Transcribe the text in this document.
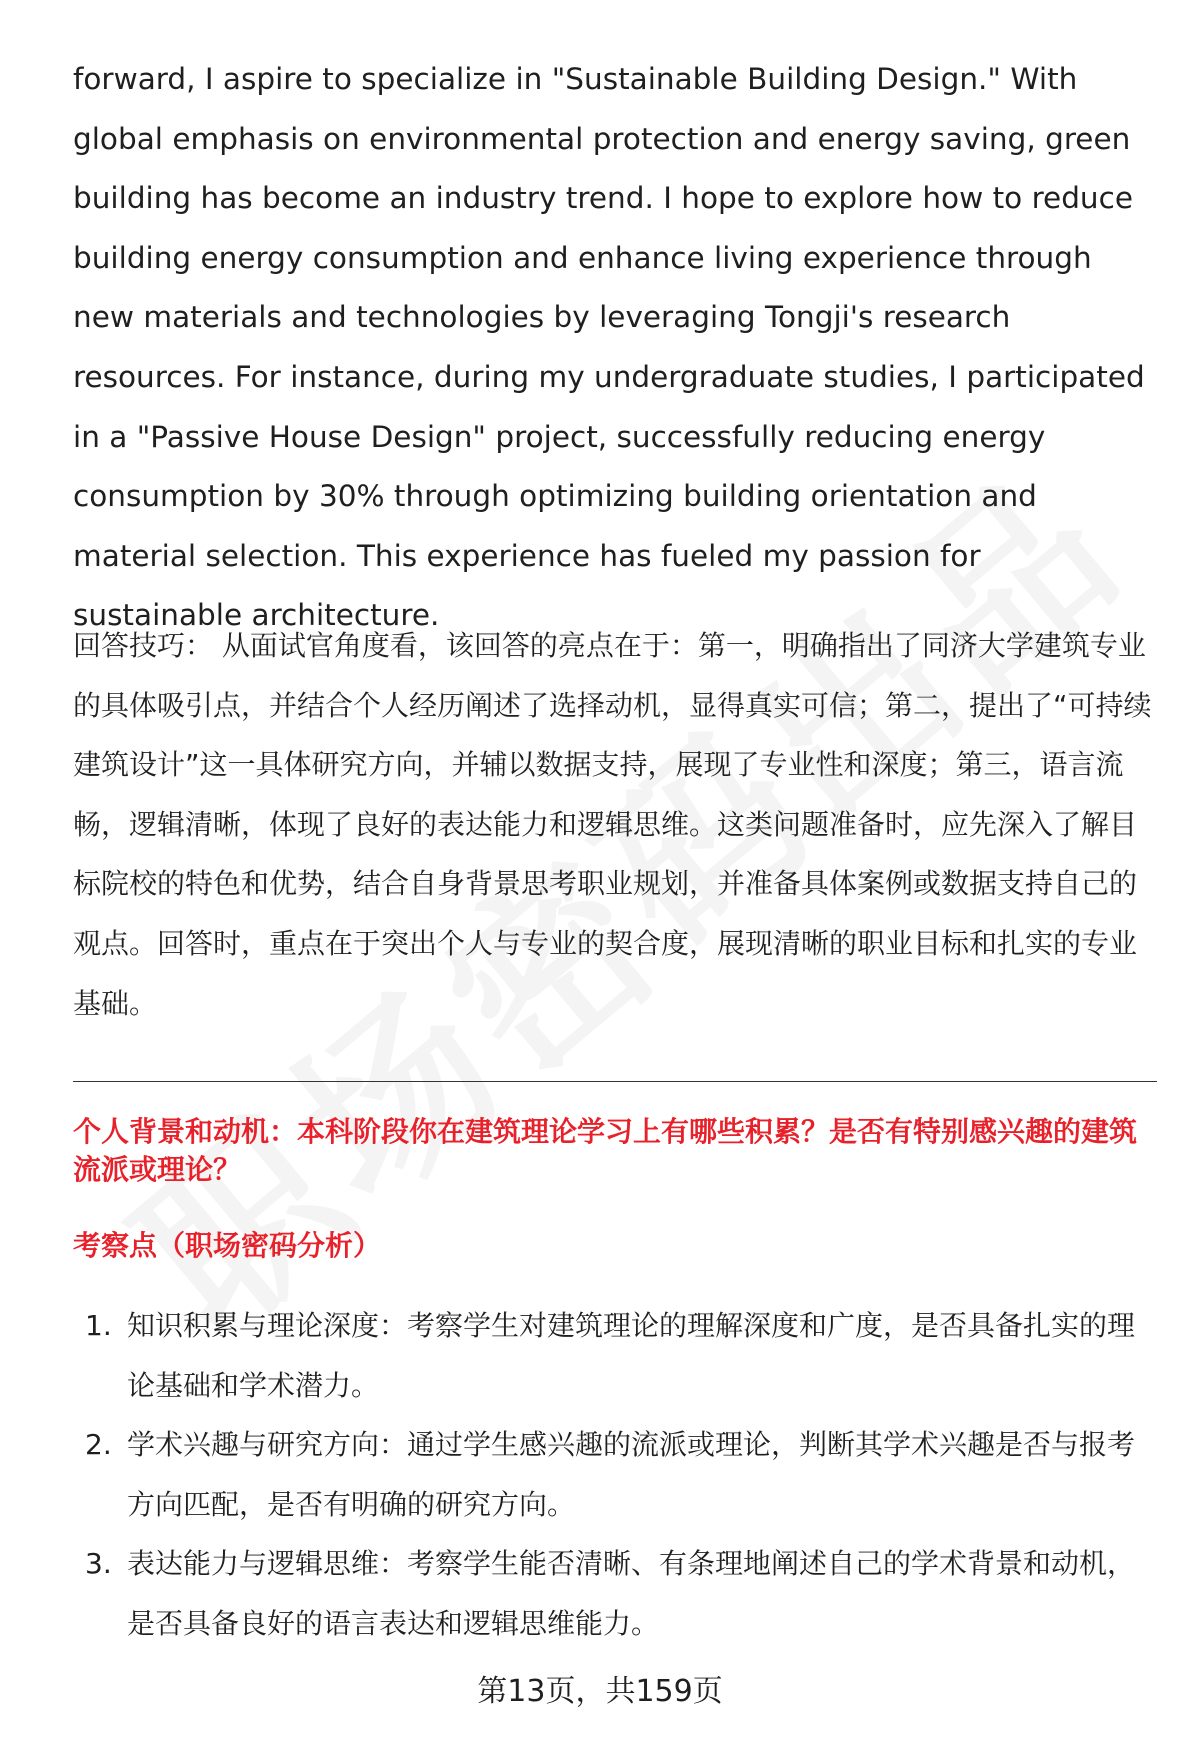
forward, I aspire to specialize in "Sustainable Building Design." With global emphasis on environmental protection and energy saving, green building has become an industry trend. I hope to explore how to reduce building energy consumption and enhance living experience through new materials and technologies by leveraging Tongji's research resources. For instance, during my undergraduate studies, I participated in a "Passive House Design" project, successfully reducing energy consumption by 30% through optimizing building orientation and material selection. This experience has fueled my passion for sustainable architecture.

回答技巧： 从面试官角度看，该回答的亮点在于：第一，明确指出了同济大学建筑专业的具体吸引点，并结合个人经历阐述了选择动机，显得真实可信；第二，提出了“可持续建筑设计”这一具体研究方向，并辅以数据支持，展现了专业性和深度；第三，语言流畅，逻辑清晰，体现了良好的表达能力和逻辑思维。这类问题准备时，应先深入了解目标院校的特色和优势，结合自身背景思考职业规划，并准备具体案例或数据支持自己的观点。回答时，重点在于突出个人与专业的契合度，展现清晰的职业目标和扎实的专业基础。

个人背景和动机：本科阶段你在建筑理论学习上有哪些积累？是否有特别感兴趣的建筑流派或理论？
考察点（职场密码分析）
1. 知识积累与理论深度：考察学生对建筑理论的理解深度和广度，是否具备扎实的理论基础和学术潜力。
2. 学术兴趣与研究方向：通过学生感兴趣的流派或理论，判断其学术兴趣是否与报考方向匹配，是否有明确的研究方向。
3. 表达能力与逻辑思维：考察学生能否清晰、有条理地阐述自己的学术背景和动机，是否具备良好的语言表达和逻辑思维能力。
第13页，共159页
